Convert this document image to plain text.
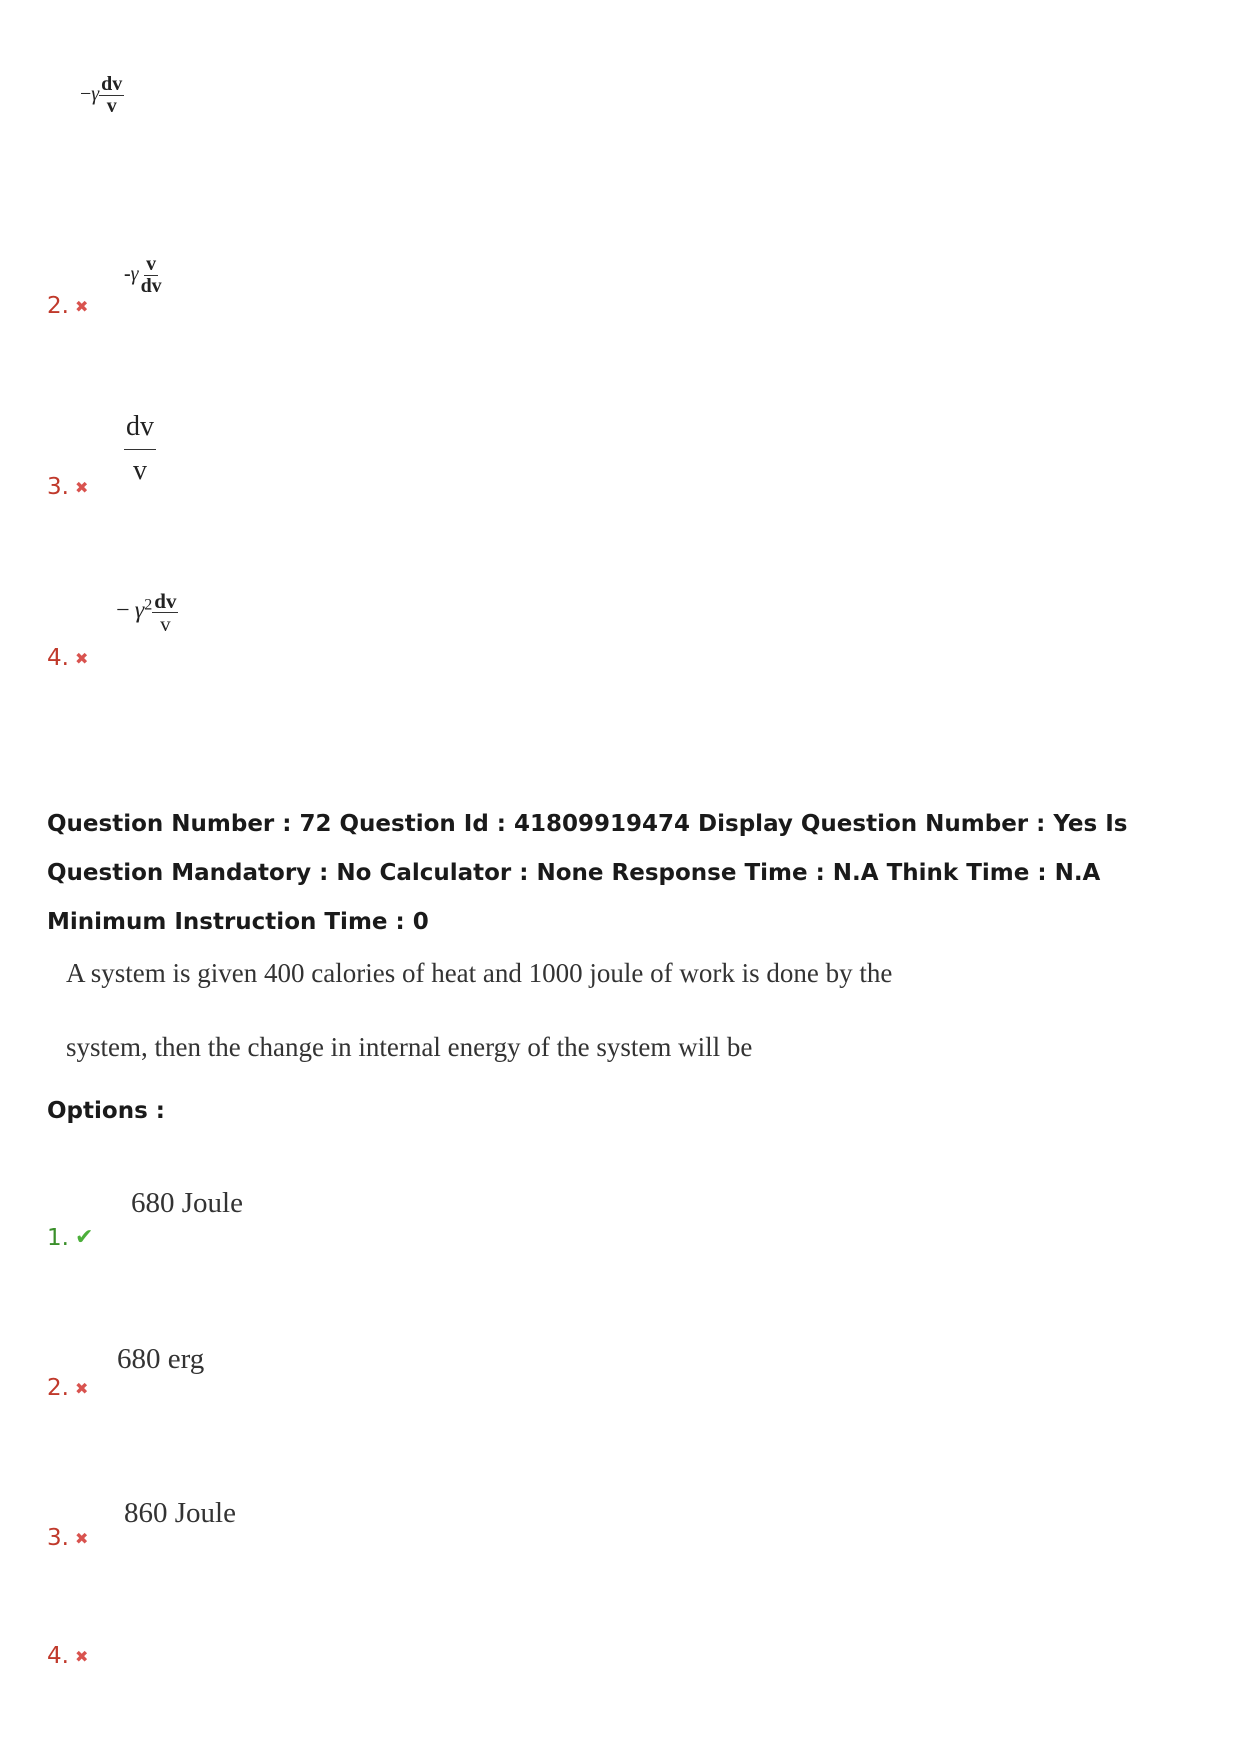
$-\gamma \frac{dv}{v}$
2. ✖
$-\gamma \frac{v}{dv}$
3. ✖
$\frac{dv}{v}$
4. ✖
− $\gamma^2 \frac{dv}{v}$
Question Number : 72 Question Id : 41809919474 Display Question Number : Yes Is Question Mandatory : No Calculator : None Response Time : N.A Think Time : N.A Minimum Instruction Time : 0
A system is given 400 calories of heat and 1000 joule of work is done by the
system, then the change in internal energy of the system will be
Options :
1. ✔
680 Joule
2. ✖
680 erg
3. ✖
860 Joule
4. ✖
